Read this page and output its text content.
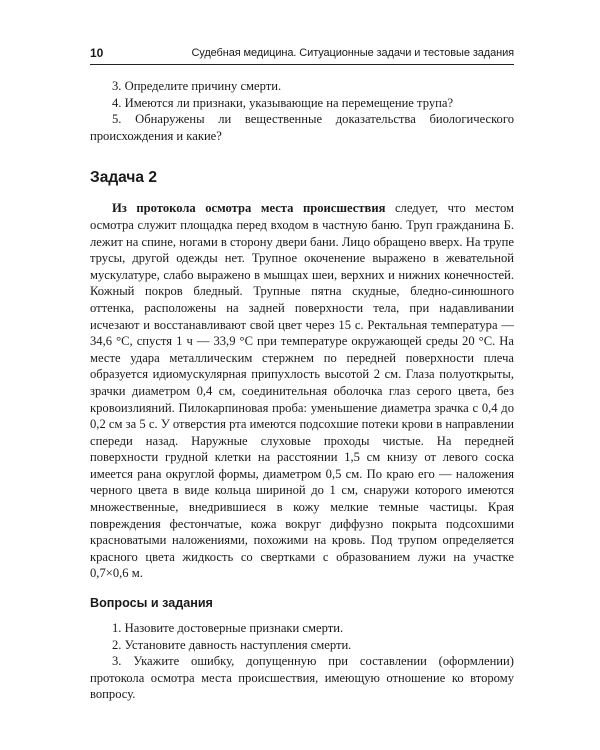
10	Судебная медицина. Ситуационные задачи и тестовые задания

3. Определите причину смерти.

4. Имеются ли признаки, указывающие на перемещение трупа?

5. Обнаружены ли вещественные доказательства биологического происхождения и какие?

Задача 2

Из протокола осмотра места происшествия следует, что местом осмотра служит площадка перед входом в частную баню. Труп гражданина Б. лежит на спине, ногами в сторону двери бани. Лицо обращено вверх. На трупе трусы, другой одежды нет. Трупное окоченение выражено в жевательной мускулатуре, слабо выражено в мышцах шеи, верхних и нижних конечностей. Кожный покров бледный. Трупные пятна скудные, бледно-синюшного оттенка, расположены на задней поверхности тела, при надавливании исчезают и восстанавливают свой цвет через 15 с. Ректальная температура — 34,6 °С, спустя 1 ч — 33,9 °С при температуре окружающей среды 20 °С. На месте удара металлическим стержнем по передней поверхности плеча образуется идиомускулярная припухлость высотой 2 см. Глаза полуоткрыты, зрачки диаметром 0,4 см, соединительная оболочка глаз серого цвета, без кровоизлияний. Пилокарпиновая проба: уменьшение диаметра зрачка с 0,4 до 0,2 см за 5 с. У отверстия рта имеются подсохшие потеки крови в направлении спереди назад. Наружные слуховые проходы чистые. На передней поверхности грудной клетки на расстоянии 1,5 см книзу от левого соска имеется рана округлой формы, диаметром 0,5 см. По краю его — наложения черного цвета в виде кольца шириной до 1 см, снаружи которого имеются множественные, внедрившиеся в кожу мелкие темные частицы. Края повреждения фестончатые, кожа вокруг диффузно покрыта подсохшими красноватыми наложениями, похожими на кровь. Под трупом определяется красного цвета жидкость со свертками с образованием лужи на участке 0,7×0,6 м.

Вопросы и задания

1. Назовите достоверные признаки смерти.

2. Установите давность наступления смерти.

3. Укажите ошибку, допущенную при составлении (оформлении) протокола осмотра места происшествия, имеющую отношение ко второму вопросу.
